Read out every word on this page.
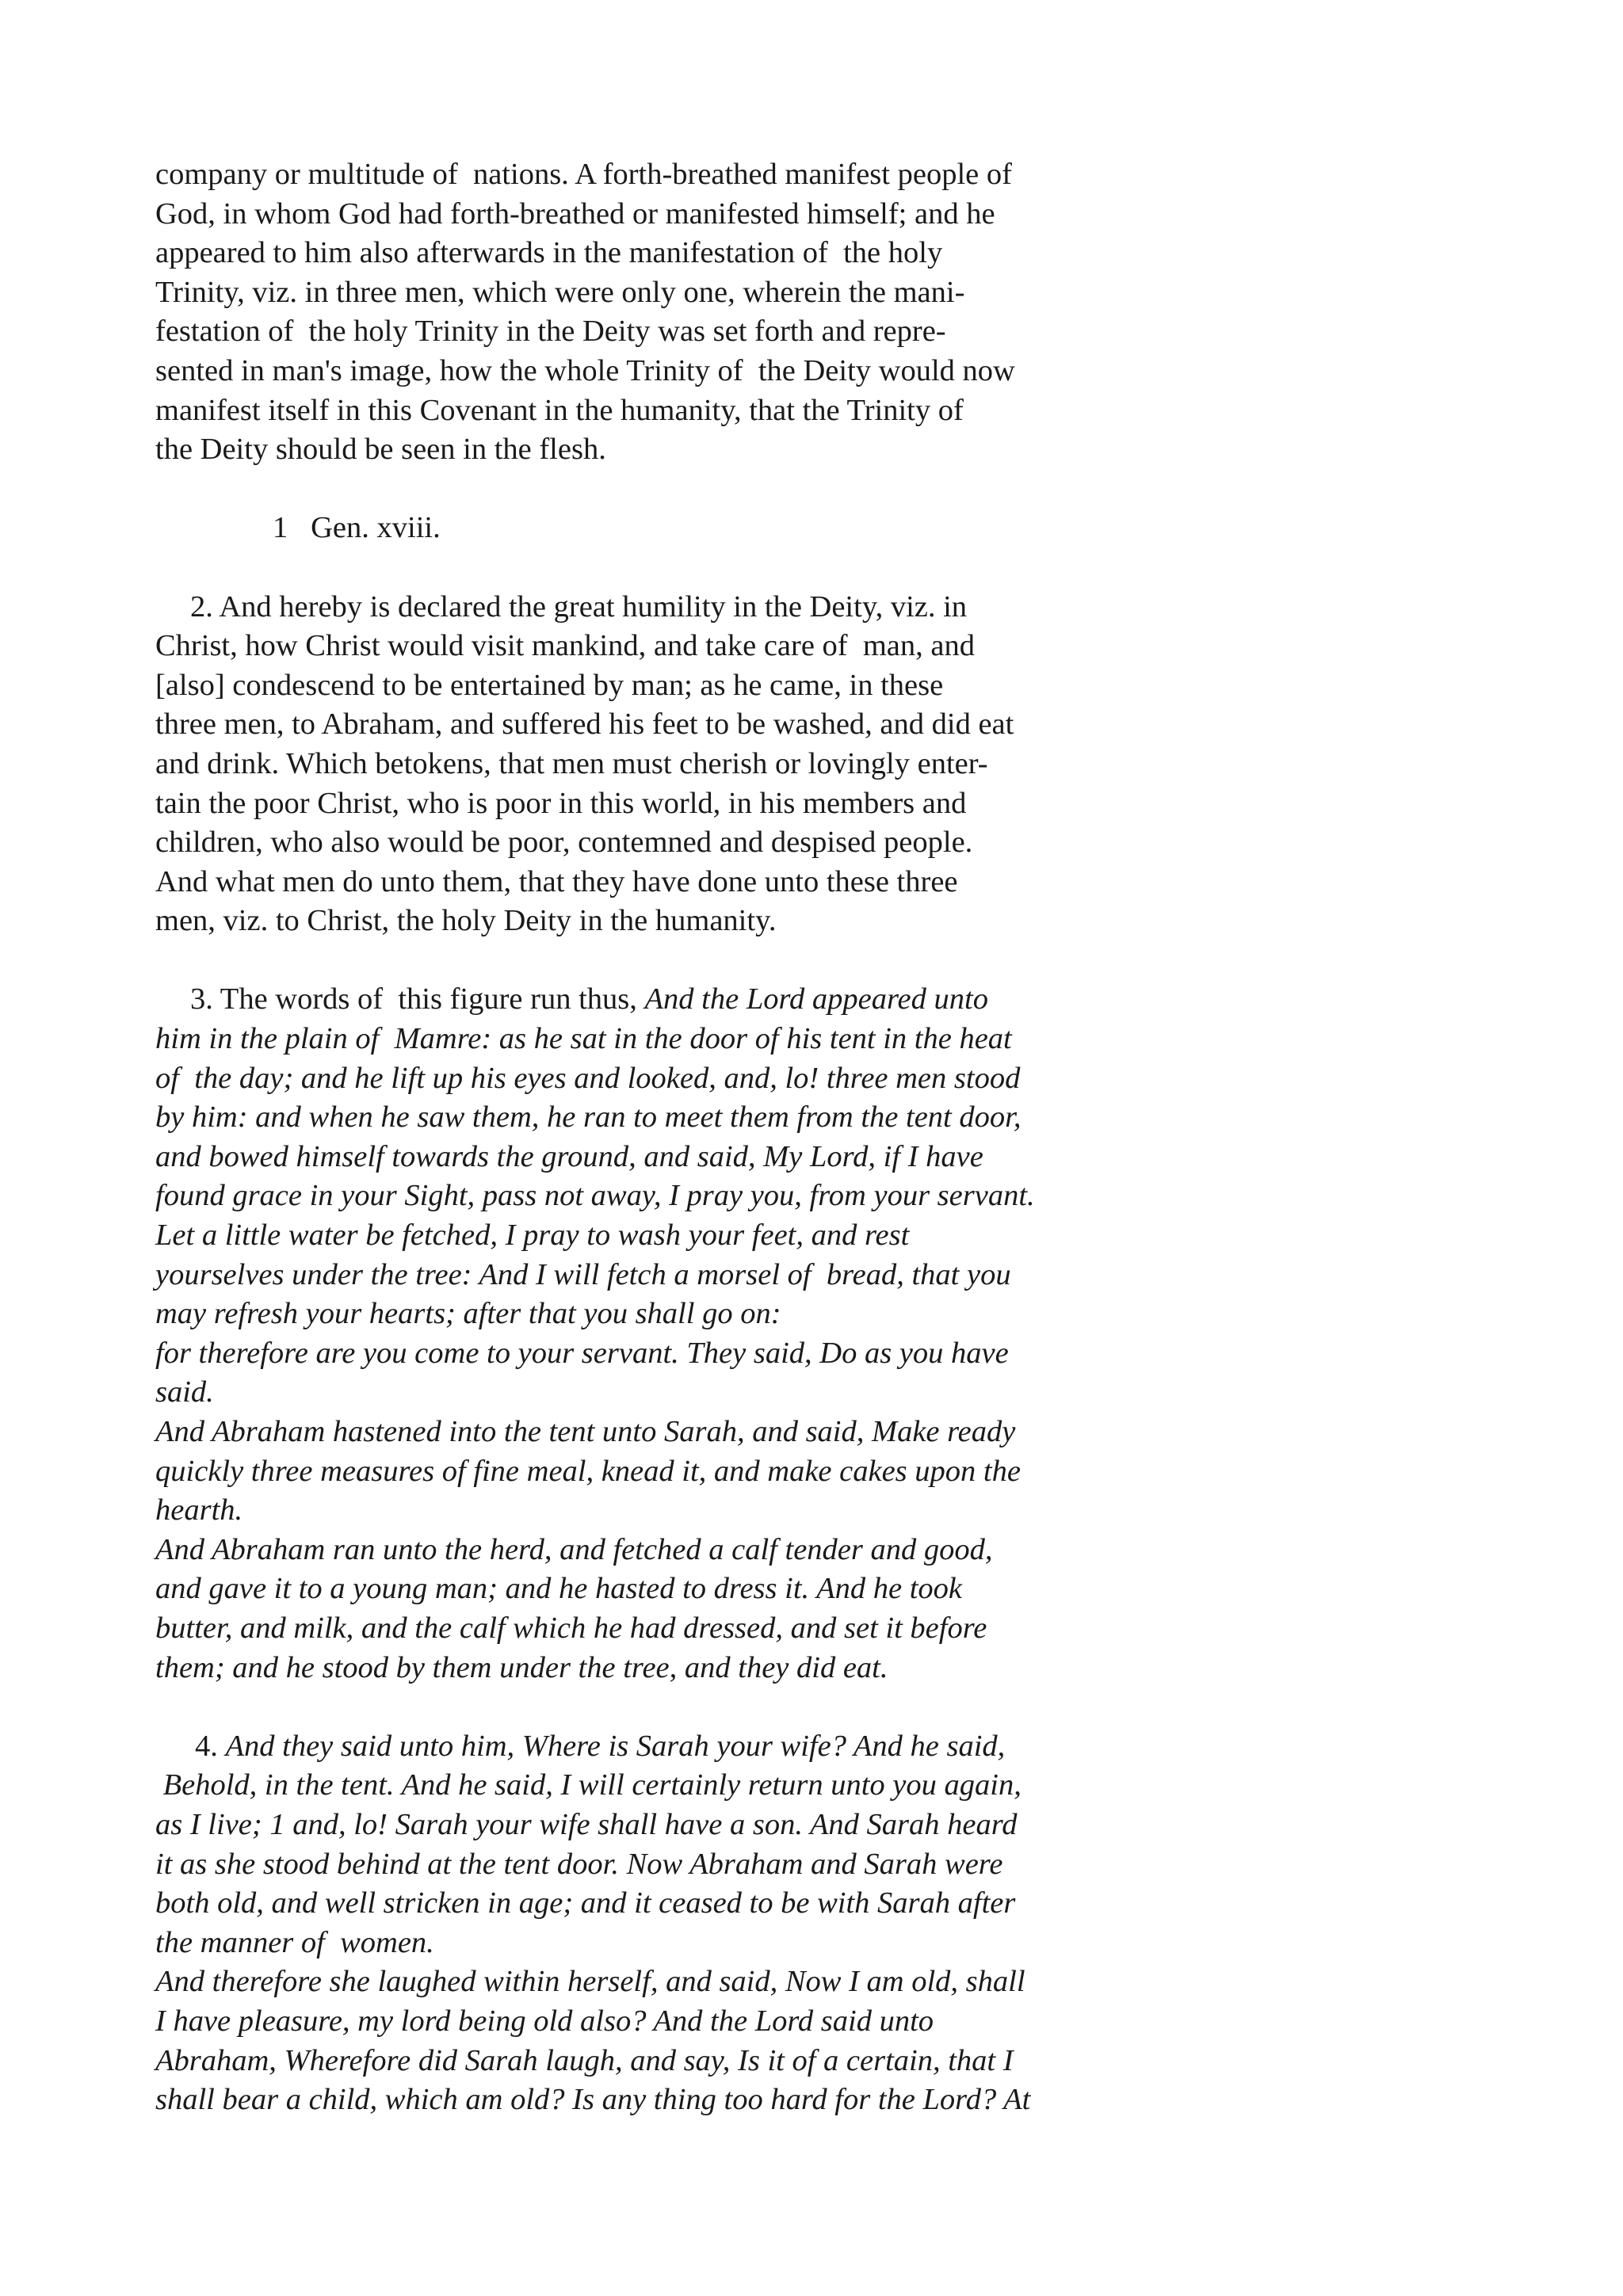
company or multitude of  nations. A forth-breathed manifest people of
God, in whom God had forth-breathed or manifested himself; and he
appeared to him also afterwards in the manifestation of  the holy
Trinity, viz. in three men, which were only one, wherein the mani-
festation of  the holy Trinity in the Deity was set forth and repre-
sented in man's image, how the whole Trinity of  the Deity would now
manifest itself in this Covenant in the humanity, that the Trinity of
the Deity should be seen in the flesh.

1   Gen. xviii.

2. And hereby is declared the great humility in the Deity, viz. in
Christ, how Christ would visit mankind, and take care of  man, and
[also] condescend to be entertained by man; as he came, in these
three men, to Abraham, and suffered his feet to be washed, and did eat
and drink. Which betokens, that men must cherish or lovingly enter-
tain the poor Christ, who is poor in this world, in his members and
children, who also would be poor, contemned and despised people.
And what men do unto them, that they have done unto these three
men, viz. to Christ, the holy Deity in the humanity.

3. The words of  this figure run thus, And the Lord appeared unto
him in the plain of  Mamre: as he sat in the door of his tent in the heat
of  the day; and he lift up his eyes and looked, and, lo! three men stood
by him: and when he saw them, he ran to meet them from the tent door,
and bowed himself towards the ground, and said, My Lord, if I have
found grace in your Sight, pass not away, I pray you, from your servant.
Let a little water be fetched, I pray to wash your feet, and rest
yourselves under the tree: And I will fetch a morsel of  bread, that you
may refresh your hearts; after that you shall go on:
for therefore are you come to your servant. They said, Do as you have
said.
And Abraham hastened into the tent unto Sarah, and said, Make ready
quickly three measures of fine meal, knead it, and make cakes upon the
hearth.
And Abraham ran unto the herd, and fetched a calf tender and good,
and gave it to a young man; and he hasted to dress it. And he took
butter, and milk, and the calf which he had dressed, and set it before
them; and he stood by them under the tree, and they did eat.

4. And they said unto him, Where is Sarah your wife? And he said,
Behold, in the tent. And he said, I will certainly return unto you again,
as I live; 1 and, lo! Sarah your wife shall have a son. And Sarah heard
it as she stood behind at the tent door. Now Abraham and Sarah were
both old, and well stricken in age; and it ceased to be with Sarah after
the manner of  women.
And therefore she laughed within herself, and said, Now I am old, shall
I have pleasure, my lord being old also? And the Lord said unto
Abraham, Wherefore did Sarah laugh, and say, Is it of a certain, that I
shall bear a child, which am old? Is any thing too hard for the Lord? At
